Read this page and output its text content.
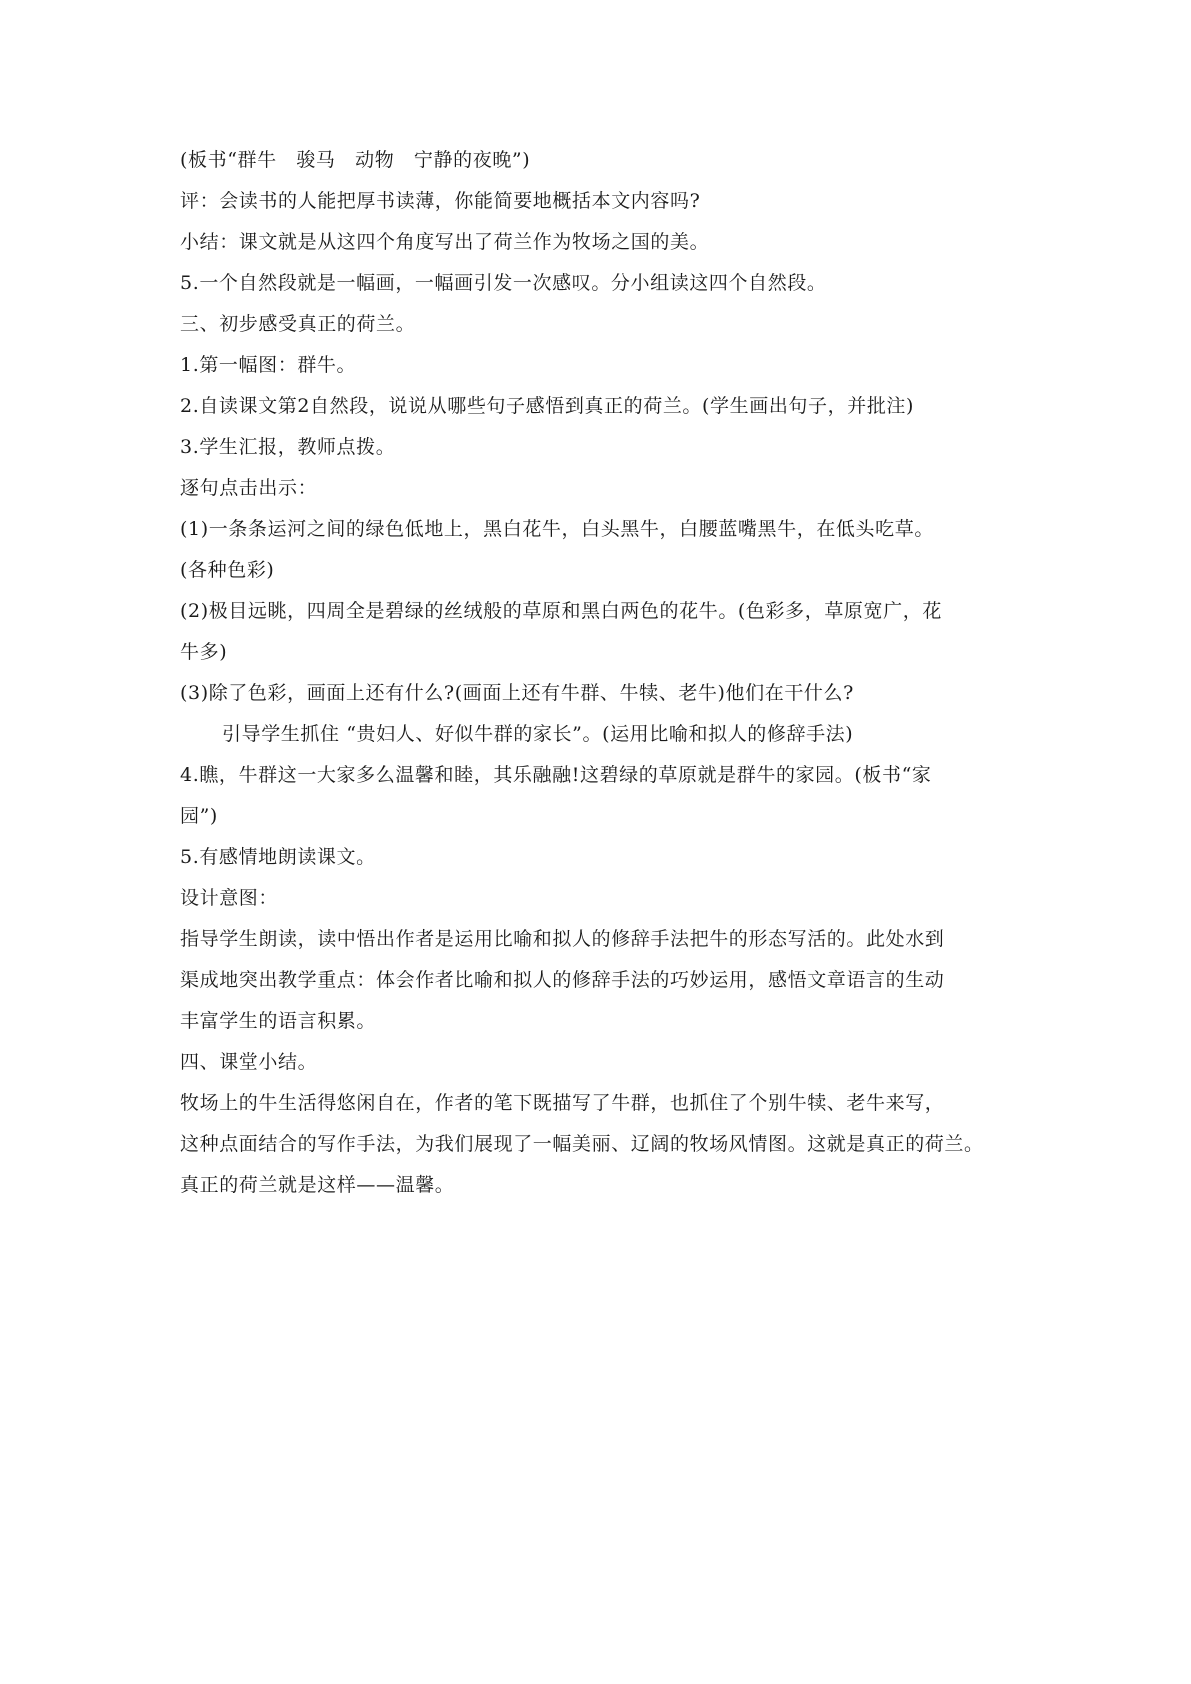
(板书“群牛　骏马　动物　宁静的夜晚”)
评：会读书的人能把厚书读薄，你能简要地概括本文内容吗?
小结：课文就是从这四个角度写出了荷兰作为牧场之国的美。
5.一个自然段就是一幅画，一幅画引发一次感叹。分小组读这四个自然段。
三、初步感受真正的荷兰。
1.第一幅图：群牛。
2.自读课文第2自然段，说说从哪些句子感悟到真正的荷兰。(学生画出句子，并批注)
3.学生汇报，教师点拨。
逐句点击出示：
(1)一条条运河之间的绿色低地上，黑白花牛，白头黑牛，白腰蓝嘴黑牛，在低头吃草。
(各种色彩)
(2)极目远眺，四周全是碧绿的丝绒般的草原和黑白两色的花牛。(色彩多，草原宽广，花
牛多)
(3)除了色彩，画面上还有什么?(画面上还有牛群、牛犊、老牛)他们在干什么?
引导学生抓住 “贵妇人、好似牛群的家长”。(运用比喻和拟人的修辞手法)
4.瞧，牛群这一大家多么温馨和睦，其乐融融!这碧绿的草原就是群牛的家园。(板书“家
园”)
5.有感情地朗读课文。
设计意图：
指导学生朗读，读中悟出作者是运用比喻和拟人的修辞手法把牛的形态写活的。此处水到
渠成地突出教学重点：体会作者比喻和拟人的修辞手法的巧妙运用，感悟文章语言的生动
丰富学生的语言积累。
四、课堂小结。
牧场上的牛生活得悠闲自在，作者的笔下既描写了牛群，也抓住了个别牛犊、老牛来写，
这种点面结合的写作手法，为我们展现了一幅美丽、辽阔的牧场风情图。这就是真正的荷兰。
真正的荷兰就是这样——温馨。
